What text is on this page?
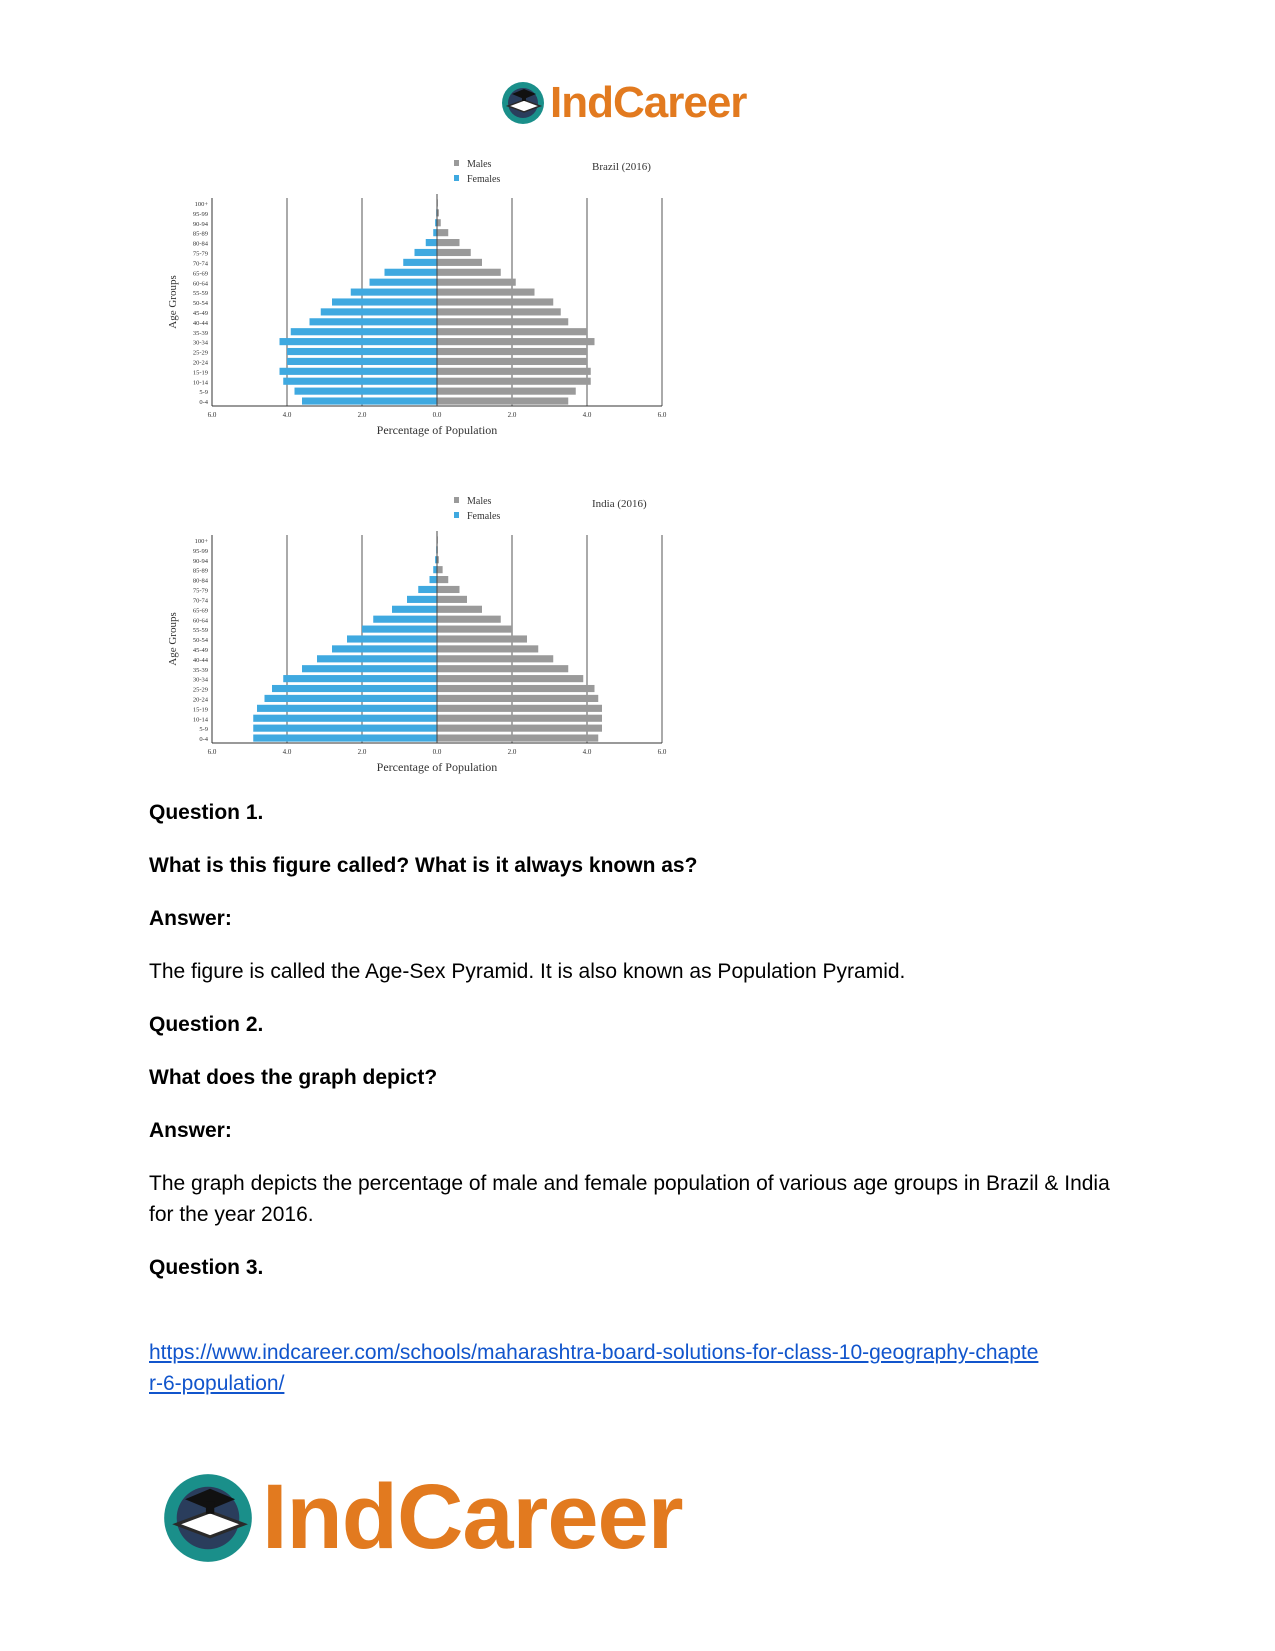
IndCareer
0-4
5-9
10-14
15-19
20-24
25-29
30-34
35-39
40-44
45-49
50-54
55-59
60-64
65-69
70-74
75-79
80-84
85-89
90-94
95-99
100+
6.0	4.0	2.0	0.0	2.0	4.0	6.0
Percentage of Population
Age Groups
Brazil (2016)
Males
Females
0-4
5-9
10-14
15-19
20-24
25-29
30-34
35-39
40-44
45-49
50-54
55-59
60-64
65-69
70-74
75-79
80-84
85-89
90-94
95-99
100+
6.0	4.0	2.0	0.0	2.0	4.0	6.0
Percentage of Population
Age Groups
India (2016)
Males
Females
Question 1.
What is this figure called? What is it always known as?
Answer:
The figure is called the Age-Sex Pyramid. It is also known as Population Pyramid.
Question 2.
What does the graph depict?
Answer:
The graph depicts the percentage of male and female population of various age groups in Brazil & India for the year 2016.
Question 3.
https://www.indcareer.com/schools/maharashtra-board-solutions-for-class-10-geography-chapte
r-6-population/
IndCareer
